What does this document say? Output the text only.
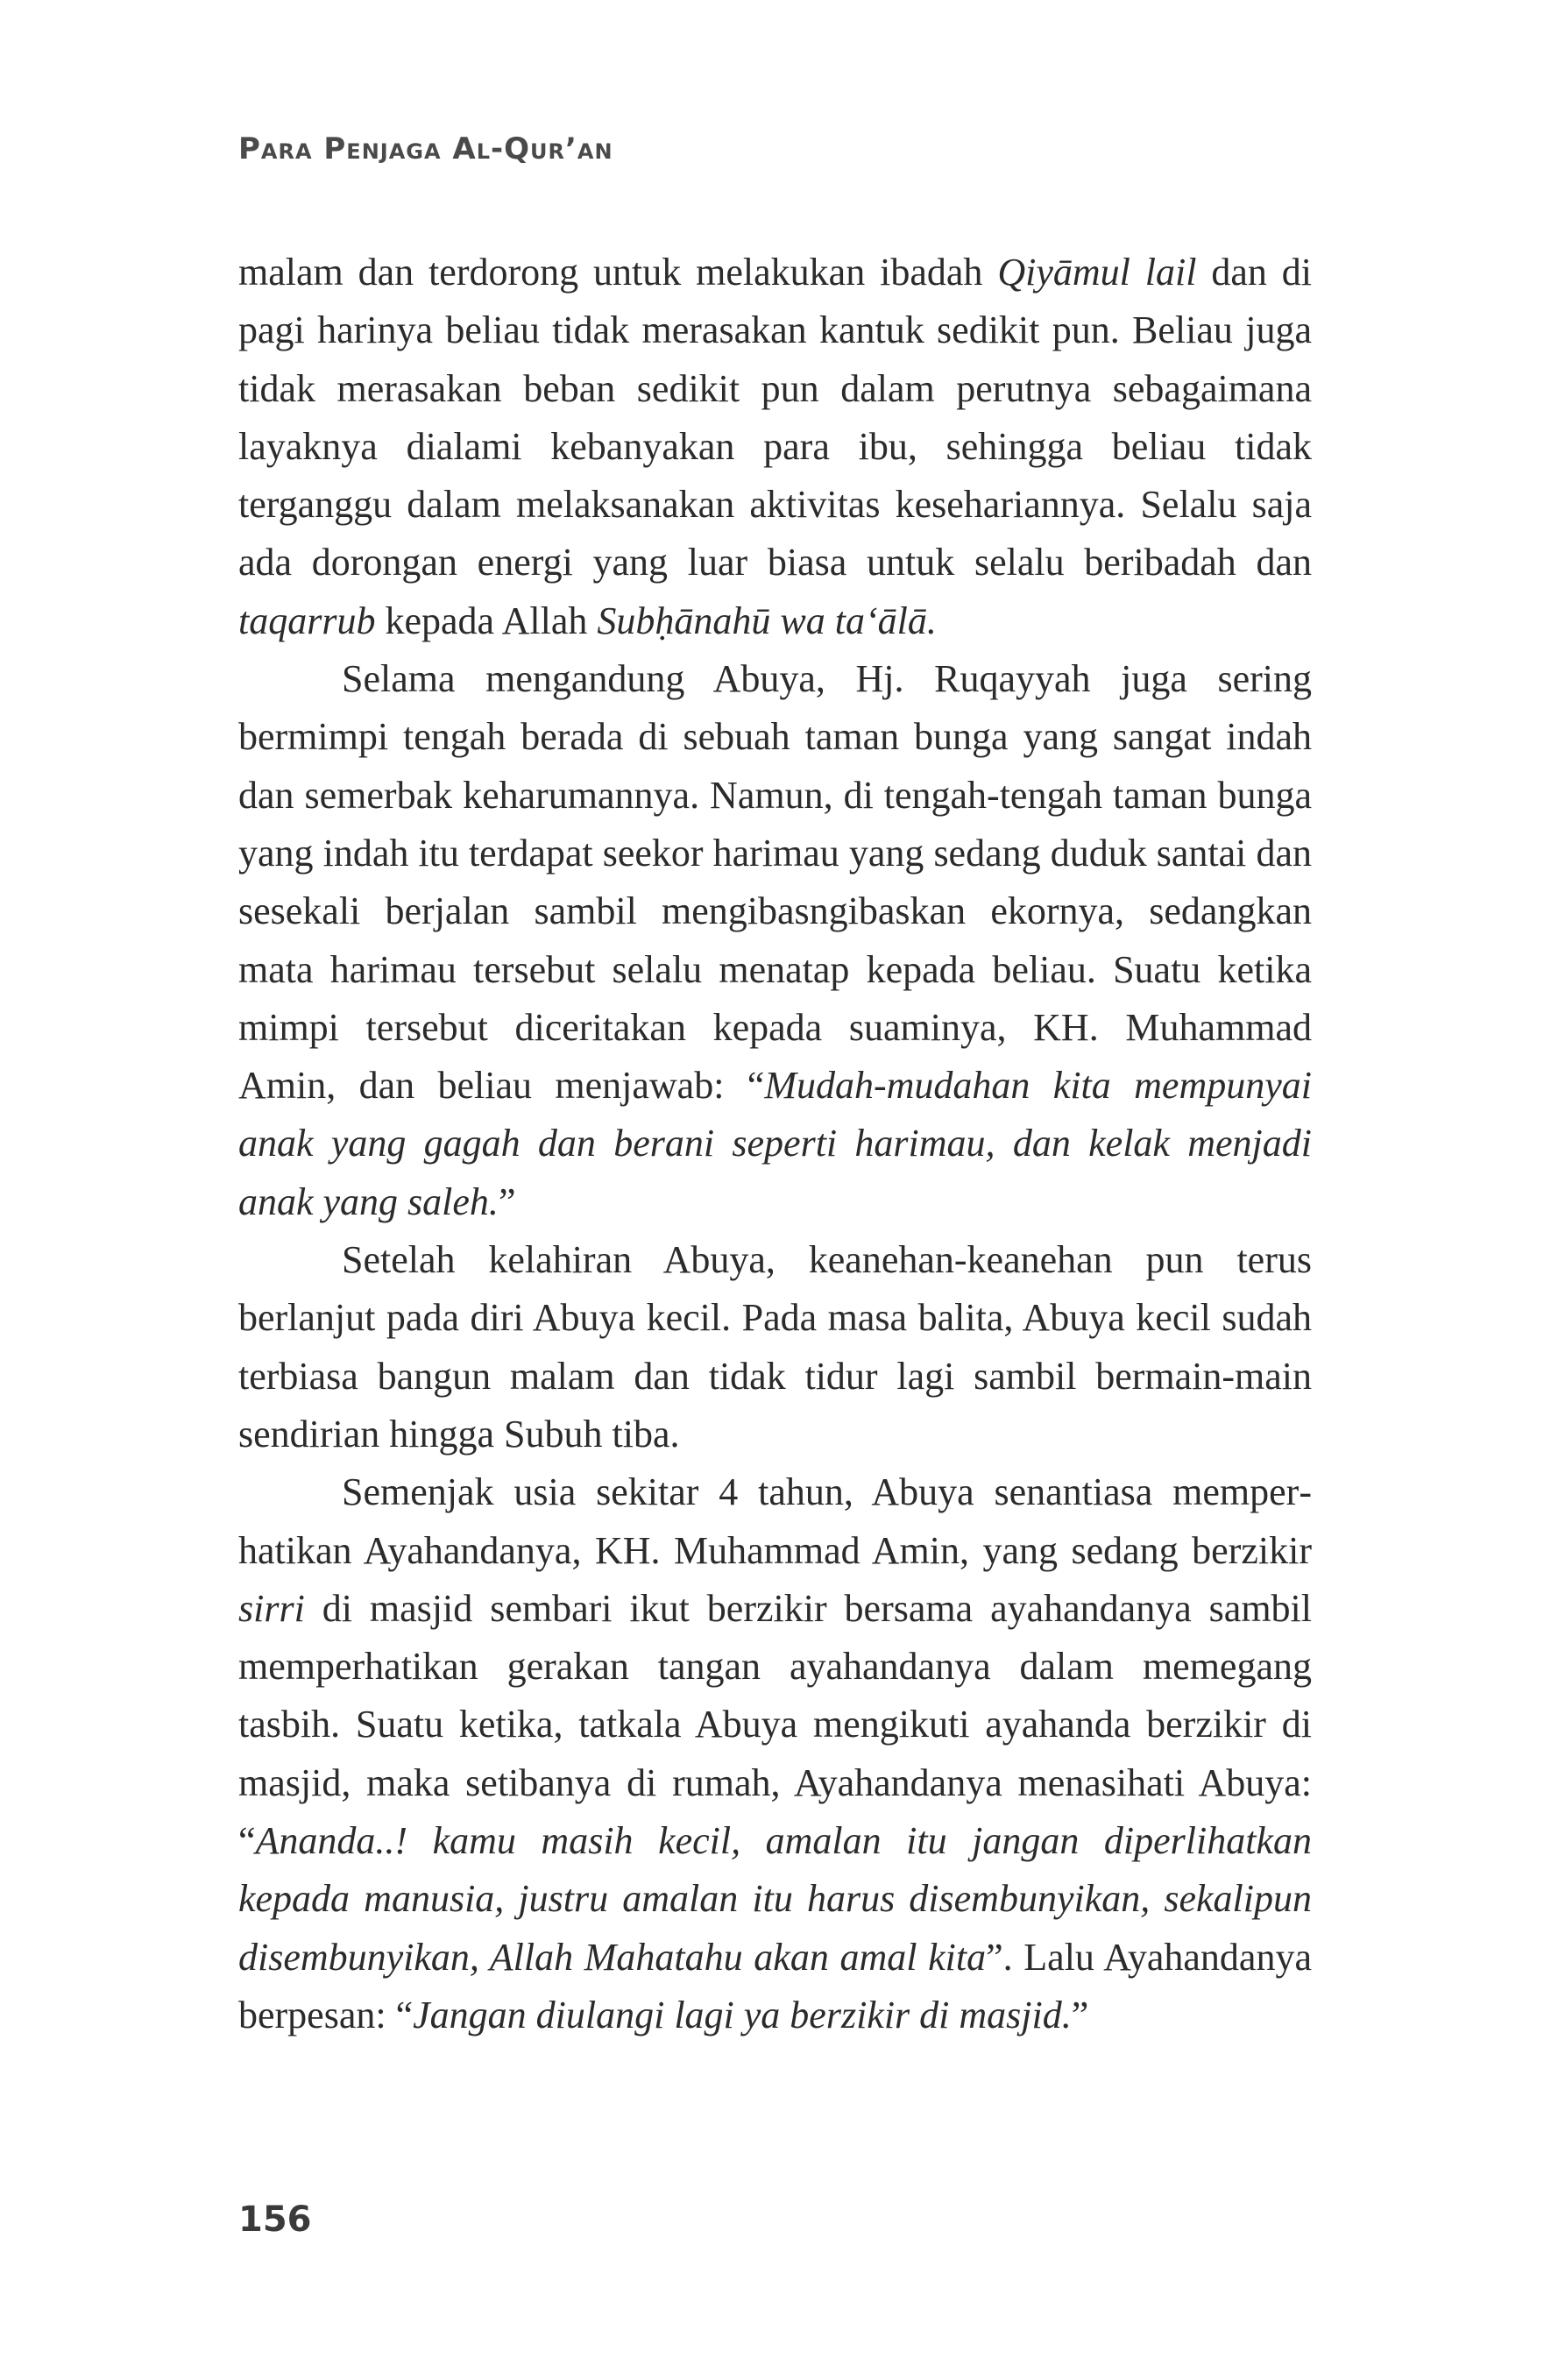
Para Penjaga Al-Qur’an

malam dan terdorong untuk melakukan ibadah Qiyāmul lail dan di pagi harinya beliau tidak merasakan kantuk sedikit pun. Beliau juga tidak merasakan beban sedikit pun dalam perutnya sebagaimana layaknya dialami kebanyakan para ibu, sehingga beliau tidak terganggu dalam melaksanakan aktivitas kesehariannya. Selalu saja ada dorongan energi yang luar biasa untuk selalu beribadah dan taqarrub kepada Allah Subḥānahū wa ta‘ālā.

Selama mengandung Abuya, Hj. Ruqayyah juga sering bermimpi tengah berada di sebuah taman bunga yang sangat indah dan semerbak keharumannya. Namun, di tengah-tengah taman bunga yang indah itu terdapat seekor harimau yang sedang duduk santai dan sesekali berjalan sambil mengibasngibaskan ekornya, sedangkan mata harimau tersebut selalu menatap kepada beliau. Suatu ketika mimpi tersebut diceritakan kepada suaminya, KH. Muhammad Amin, dan beliau menjawab: “Mudah-mudahan kita mempunyai anak yang gagah dan berani seperti harimau, dan kelak menjadi anak yang saleh.”

Setelah kelahiran Abuya, keanehan-keanehan pun terus berlanjut pada diri Abuya kecil. Pada masa balita, Abuya kecil sudah terbiasa bangun malam dan tidak tidur lagi sambil bermain-main sendirian hingga Subuh tiba.

Semenjak usia sekitar 4 tahun, Abuya senantiasa memperhatikan Ayahandanya, KH. Muhammad Amin, yang sedang berzikir sirri di masjid sembari ikut berzikir bersama ayahandanya sambil memperhatikan gerakan tangan ayahandanya dalam memegang tasbih. Suatu ketika, tatkala Abuya mengikuti ayahanda berzikir di masjid, maka setibanya di rumah, Ayahandanya menasihati Abuya: “Ananda..! kamu masih kecil, amalan itu jangan diperlihatkan kepada manusia, justru amalan itu harus disembunyikan, sekalipun disembunyikan, Allah Mahatahu akan amal kita”. Lalu Ayahandanya berpesan: “Jangan diulangi lagi ya berzikir di masjid.”

156
